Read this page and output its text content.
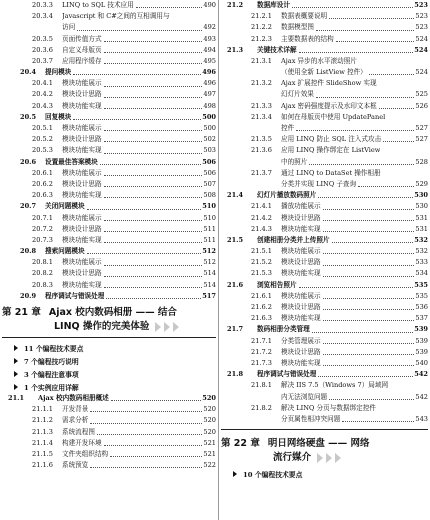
20.3.3	LINQ to SQL 技术应用	490
20.3.4	Javascript 和 C#之间的互相调用与
访问	492
20.3.5	页面传值方式	493
20.3.6	自定义母版页	494
20.3.7	应用程序缓存	495
20.4	提问模块	496
20.4.1	模块功能展示	496
20.4.2	模块设计思路	497
20.4.3	模块功能实现	498
20.5	回复模块	500
20.5.1	模块功能展示	500
20.5.2	模块设计思路	502
20.5.3	模块功能实现	503
20.6	设置最佳答案模块	506
20.6.1	模块功能展示	506
20.6.2	模块设计思路	507
20.6.3	模块功能实现	508
20.7	关闭问题模块	510
20.7.1	模块功能展示	510
20.7.2	模块设计思路	511
20.7.3	模块功能实现	511
20.8	搜索问题模块	512
20.8.1	模块功能展示	512
20.8.2	模块设计思路	514
20.8.3	模块功能实现	514
20.9	程序调试与错误处理	517
第 21 章 Ajax 校内数码相册 —— 结合
LINQ 操作的完美体验
11 个编程技术要点
7 个编程技巧说明
3 个编程注意事项
1 个实例应用详解
21.1	Ajax 校内数码相册概述	520
21.1.1	开发背景	520
21.1.2	需求分析	520
21.1.3	系统流程图	520
21.1.4	构建开发环境	521
21.1.5	文件夹组织结构	521
21.1.6	系统预览	522
21.2	数据库设计	523
21.2.1	数据表概要说明	523
21.2.2	数据模型图	523
21.2.3	主要数据表的结构	524
21.3	关键技术详解	524
21.3.1	Ajax 异步的水平滚动照片
（使用全新 ListView 控件）	524
21.3.2	Ajax 扩展控件 SlideShow 实现
幻灯片效果	525
21.3.3	Ajax 密码强度提示及水印文本框	526
21.3.4	如何在母版页中使用 UpdatePanel
控件	527
21.3.5	应用 LINQ 防止 SQL 注入式攻击	527
21.3.6	应用 LINQ 操作绑定在 ListView
中的照片	528
21.3.7	通过 LINQ to DataSet 操作相册
分类并实现 LINQ 子查询	529
21.4	幻灯片播放数码照片	530
21.4.1	播放功能展示	530
21.4.2	模块设计思路	531
21.4.3	模块功能实现	531
21.5	创建相册分类并上传照片	532
21.5.1	模块功能展示	532
21.5.2	模块设计思路	533
21.5.3	模块功能实现	534
21.6	浏览相告照片	535
21.6.1	模块功能展示	535
21.6.2	模块设计思路	536
21.6.3	模块功能实现	537
21.7	数码相册分类管理	539
21.7.1	分类管理展示	539
21.7.2	模块设计思路	539
21.7.3	模块功能实现	540
21.8	程序调试与错误处理	542
21.8.1	解决 IIS 7.5（Windows 7）局域网
内无法浏览问题	542
21.8.2	解决 LINQ 分页与数据绑定控件
分页属性相冲突问题	543
第 22 章 明日网络硬盘 —— 网络
流行媒介
10 个编程技术要点
